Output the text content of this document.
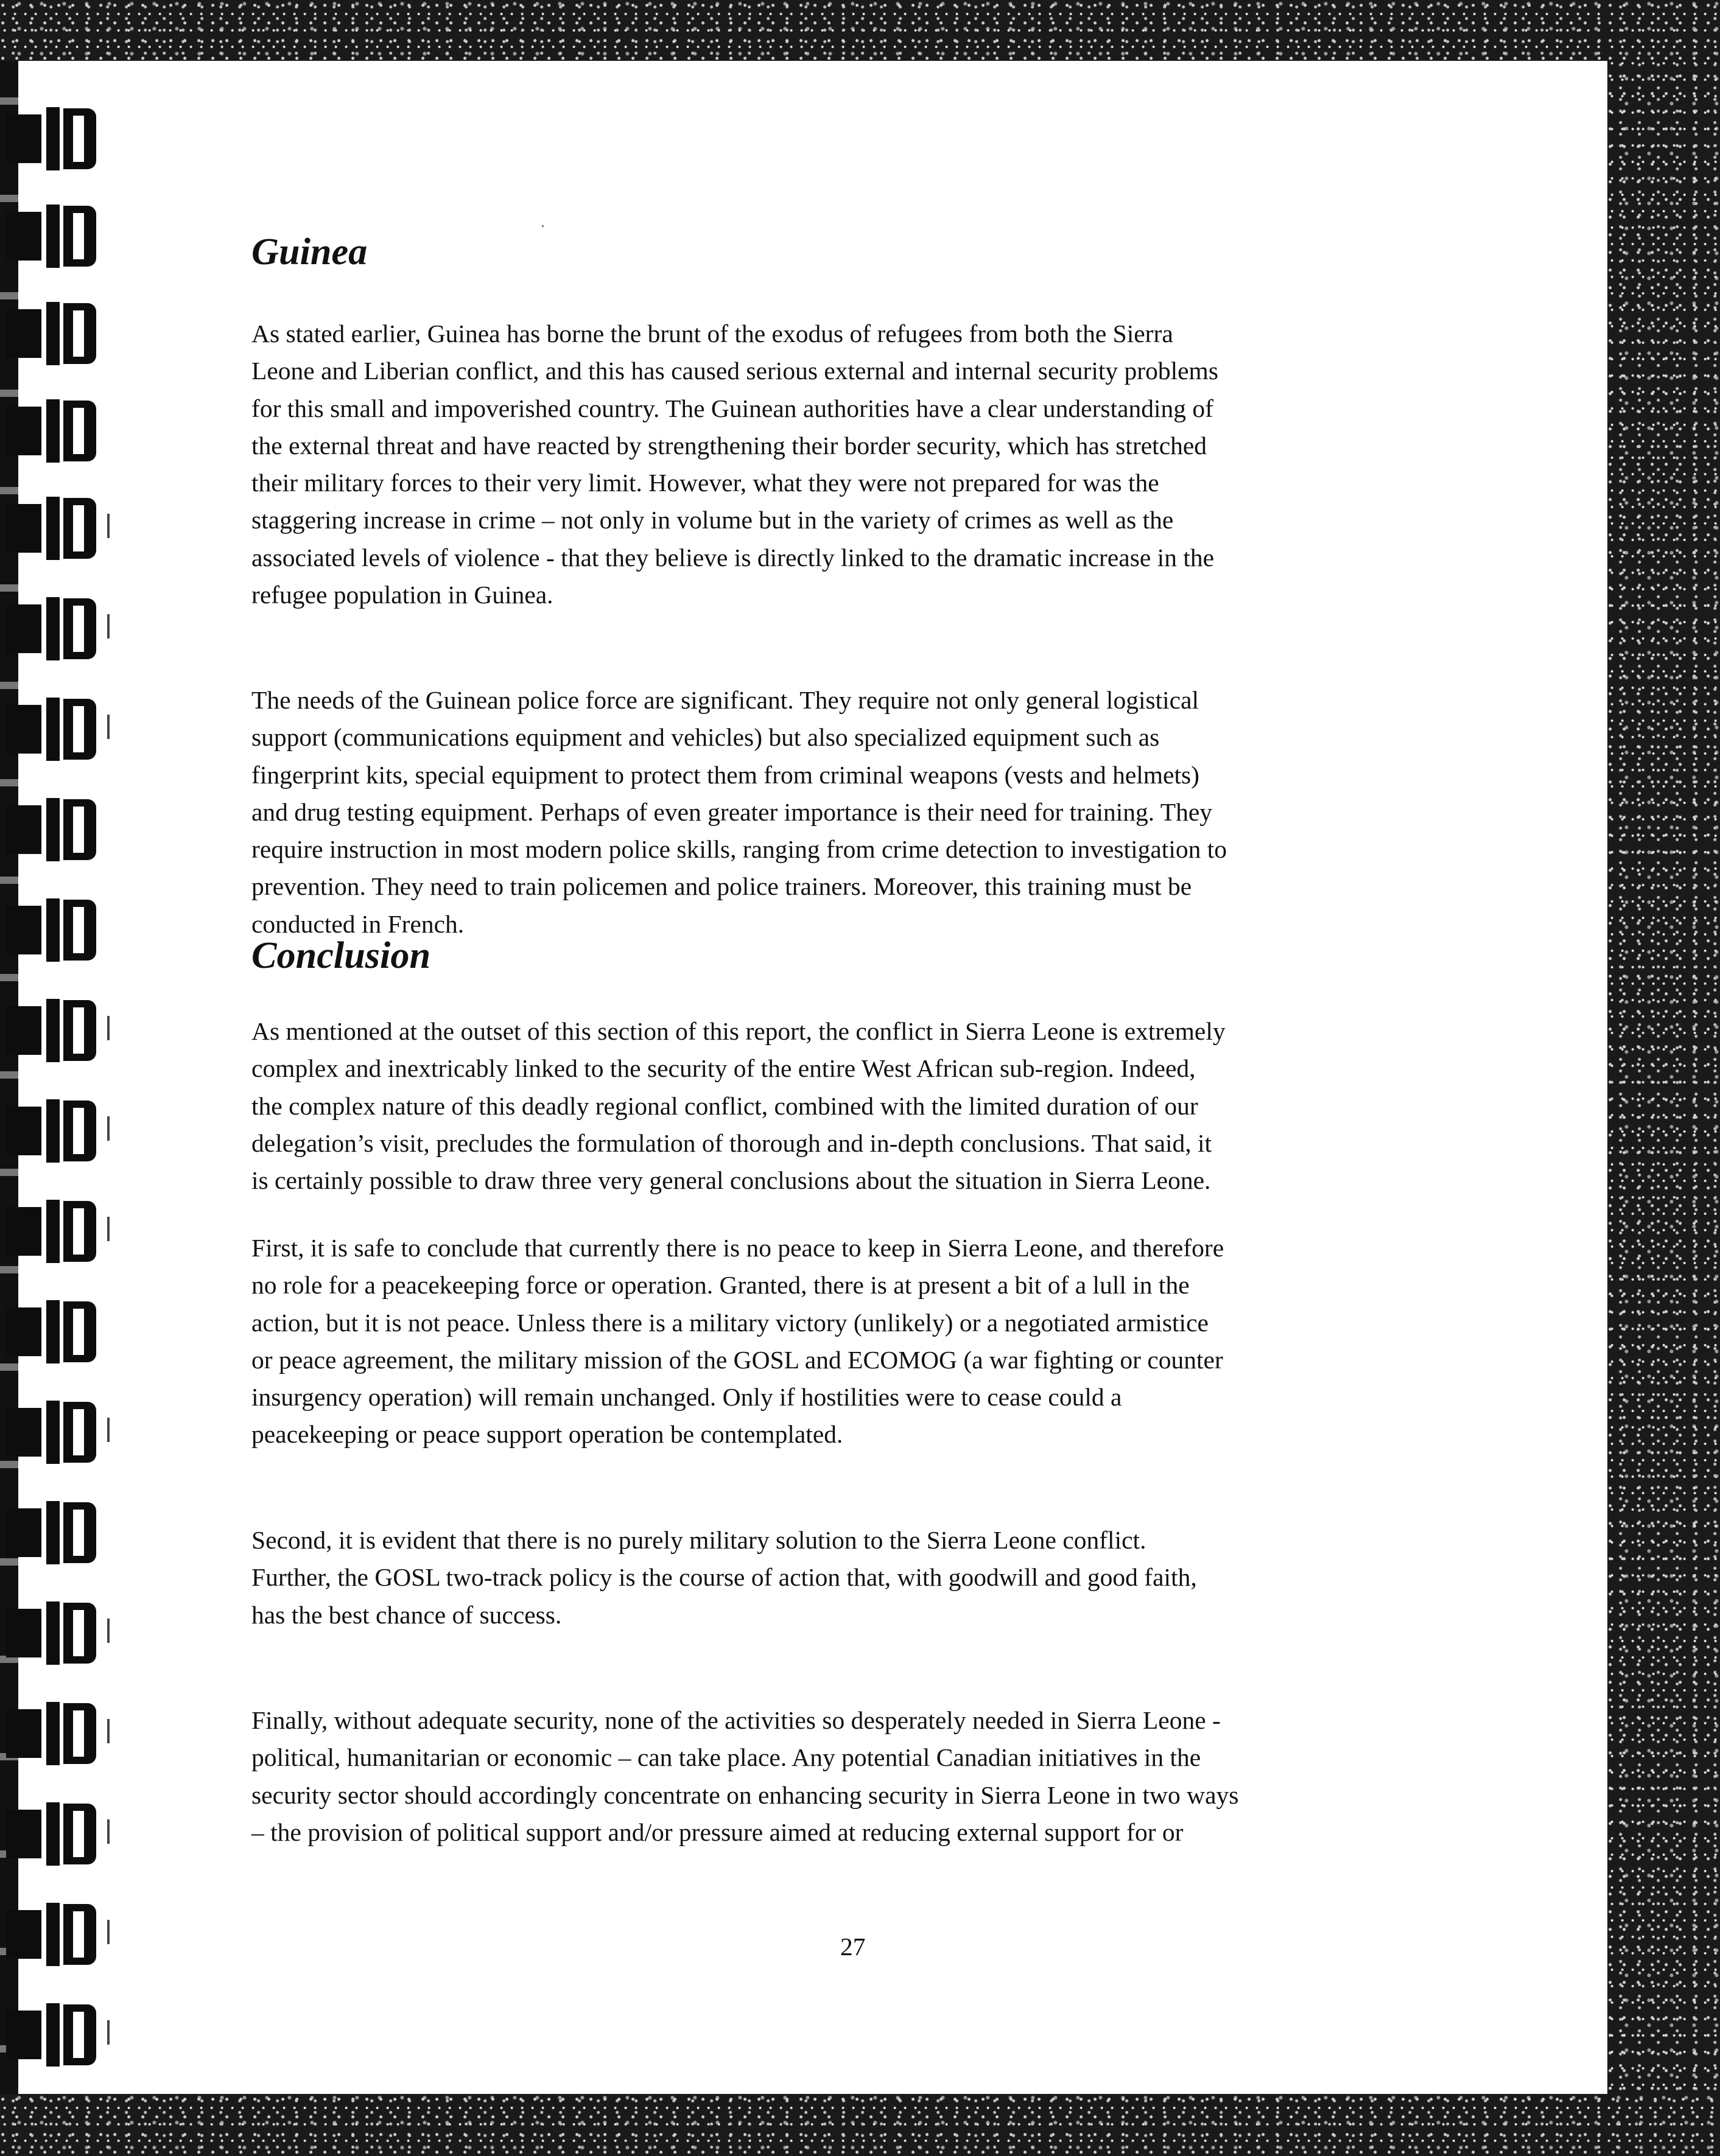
Guinea

As stated earlier, Guinea has borne the brunt of the exodus of refugees from both the Sierra
Leone and Liberian conflict, and this has caused serious external and internal security problems
for this small and impoverished country. The Guinean authorities have a clear understanding of
the external threat and have reacted by strengthening their border security, which has stretched
their military forces to their very limit. However, what they were not prepared for was the
staggering increase in crime – not only in volume but in the variety of crimes as well as the
associated levels of violence - that they believe is directly linked to the dramatic increase in the
refugee population in Guinea.

The needs of the Guinean police force are significant. They require not only general logistical
support (communications equipment and vehicles) but also specialized equipment such as
fingerprint kits, special equipment to protect them from criminal weapons (vests and helmets)
and drug testing equipment. Perhaps of even greater importance is their need for training. They
require instruction in most modern police skills, ranging from crime detection to investigation to
prevention. They need to train policemen and police trainers. Moreover, this training must be
conducted in French.

Conclusion

As mentioned at the outset of this section of this report, the conflict in Sierra Leone is extremely
complex and inextricably linked to the security of the entire West African sub-region. Indeed,
the complex nature of this deadly regional conflict, combined with the limited duration of our
delegation’s visit, precludes the formulation of thorough and in-depth conclusions. That said, it
is certainly possible to draw three very general conclusions about the situation in Sierra Leone.

First, it is safe to conclude that currently there is no peace to keep in Sierra Leone, and therefore
no role for a peacekeeping force or operation. Granted, there is at present a bit of a lull in the
action, but it is not peace. Unless there is a military victory (unlikely) or a negotiated armistice
or peace agreement, the military mission of the GOSL and ECOMOG (a war fighting or counter
insurgency operation) will remain unchanged. Only if hostilities were to cease could a
peacekeeping or peace support operation be contemplated.

Second, it is evident that there is no purely military solution to the Sierra Leone conflict.
Further, the GOSL two-track policy is the course of action that, with goodwill and good faith,
has the best chance of success.

Finally, without adequate security, none of the activities so desperately needed in Sierra Leone -
political, humanitarian or economic – can take place. Any potential Canadian initiatives in the
security sector should accordingly concentrate on enhancing security in Sierra Leone in two ways
– the provision of political support and/or pressure aimed at reducing external support for or

27
